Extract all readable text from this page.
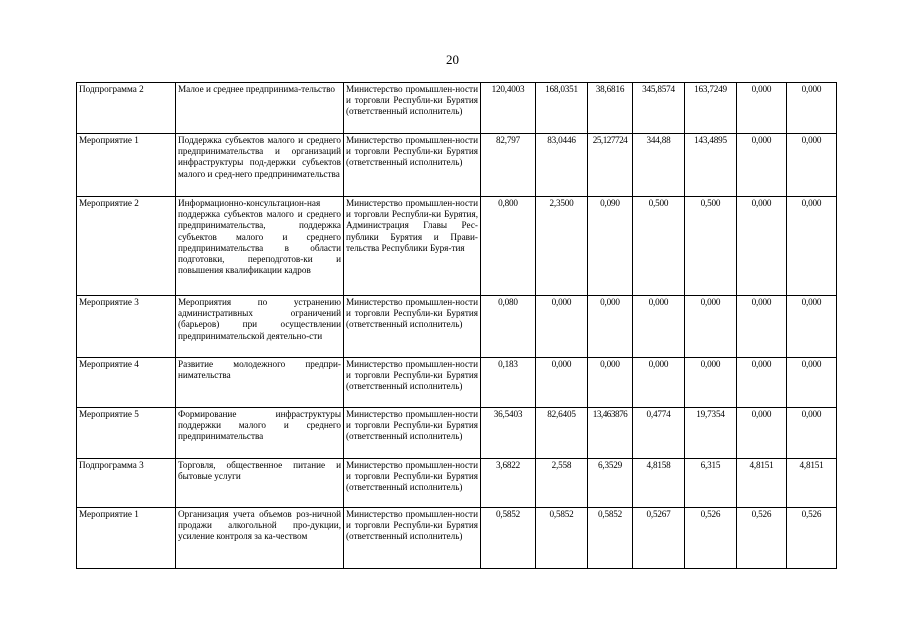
20
Подпрограмма 2	Малое и среднее предпринима-тельство	Министерство промышлен-ности и торговли Республи-ки Бурятия (ответственный исполнитель)	120,4003	168,0351	38,6816	345,8574	163,7249	0,000	0,000
Мероприятие 1	Поддержка субъектов малого и среднего предпринимательства и организаций инфраструктуры под-держки субъектов малого и сред-него предпринимательства	Министерство промышлен-ности и торговли Республи-ки Бурятия (ответственный исполнитель)	82,797	83,0446	25,127724	344,88	143,4895	0,000	0,000
Мероприятие 2	Информационно-консультацион-ная поддержка субъектов малого и среднего предпринимательства, поддержка субъектов малого и среднего предпринимательства в области подготовки, переподготов-ки и повышения квалификации кадров	Министерство промышлен-ности и торговли Республи-ки Бурятия, Администрация Главы Рес-публики Бурятия и Прави-тельства Республики Буря-тия	0,800	2,3500	0,090	0,500	0,500	0,000	0,000
Мероприятие 3	Мероприятия по устранению административных ограничений (барьеров) при осуществлении предпринимательской деятельно-сти	Министерство промышлен-ности и торговли Республи-ки Бурятия (ответственный исполнитель)	0,080	0,000	0,000	0,000	0,000	0,000	0,000
Мероприятие 4	Развитие молодежного предпри-нимательства	Министерство промышлен-ности и торговли Республи-ки Бурятия (ответственный исполнитель)	0,183	0,000	0,000	0,000	0,000	0,000	0,000
Мероприятие 5	Формирование инфраструктуры поддержки малого и среднего предпринимательства	Министерство промышлен-ности и торговли Республи-ки Бурятия (ответственный исполнитель)	36,5403	82,6405	13,463876	0,4774	19,7354	0,000	0,000
Подпрограмма 3	Торговля, общественное питание и бытовые услуги	Министерство промышлен-ности и торговли Республи-ки Бурятия (ответственный исполнитель)	3,6822	2,558	6,3529	4,8158	6,315	4,8151	4,8151
Мероприятие 1	Организация учета объемов роз-ничной продажи алкогольной про-дукции, усиление контроля за ка-чеством	Министерство промышлен-ности и торговли Республи-ки Бурятия (ответственный исполнитель)	0,5852	0,5852	0,5852	0,5267	0,526	0,526	0,526
